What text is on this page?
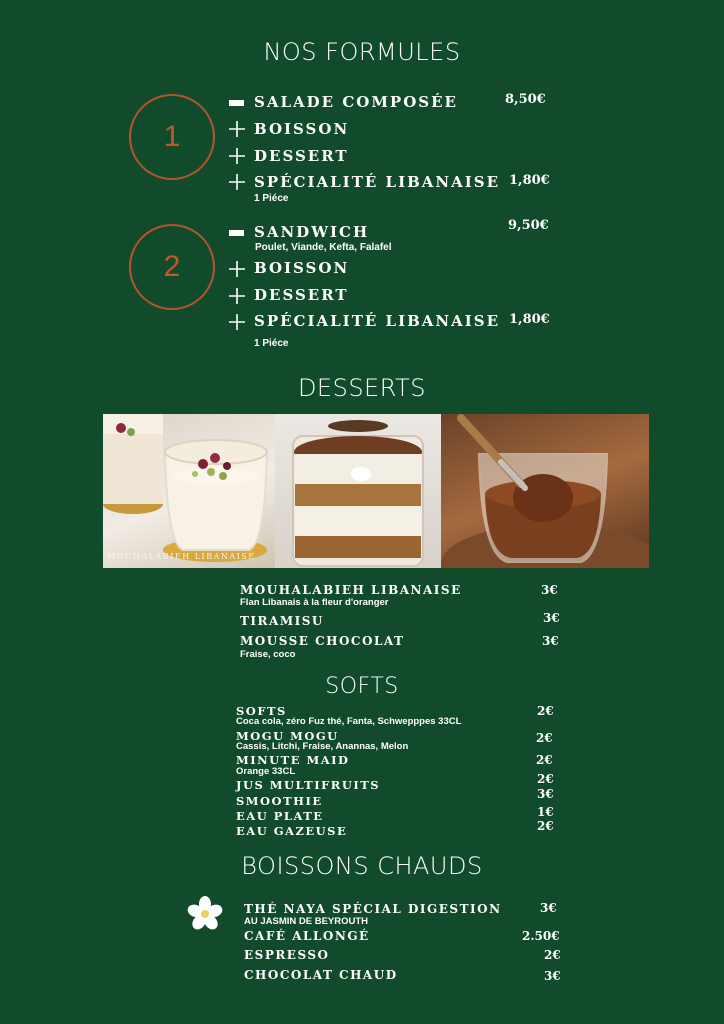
NOS FORMULES
1
SALADE COMPOSÉE	8,50€
BOISSON
DESSERT
SPÉCIALITÉ LIBANAISE 1,80€
1 Piéce
2
SANDWICH	9,50€
Poulet, Viande, Kefta, Falafel
BOISSON
DESSERT
SPÉCIALITÉ LIBANAISE 1,80€
1 Piéce
DESSERTS
MOUHALABIEH LIBANAISE
MOUHALABIEH LIBANAISE
Flan Libanais à la fleur d'oranger
3€
TIRAMISU	3€
MOUSSE CHOCOLAT
Fraise, coco
3€
SOFTS
SOFTS
Coca cola, zéro Fuz thé, Fanta, Schwepppes 33CL
2€
MOGU MOGU
Cassis, Litchi, Fraise, Anannas, Melon
2€
MINUTE MAID
Orange 33CL
2€
JUS MULTIFRUITS	2€
SMOOTHIE	3€
EAU PLATE	1€
EAU GAZEUSE	2€
BOISSONS CHAUDS
THÉ NAYA SPÉCIAL DIGESTION
AU JASMIN DE BEYROUTH
3€
CAFÉ ALLONGÉ	2.50€
ESPRESSO	2€
CHOCOLAT CHAUD	3€
